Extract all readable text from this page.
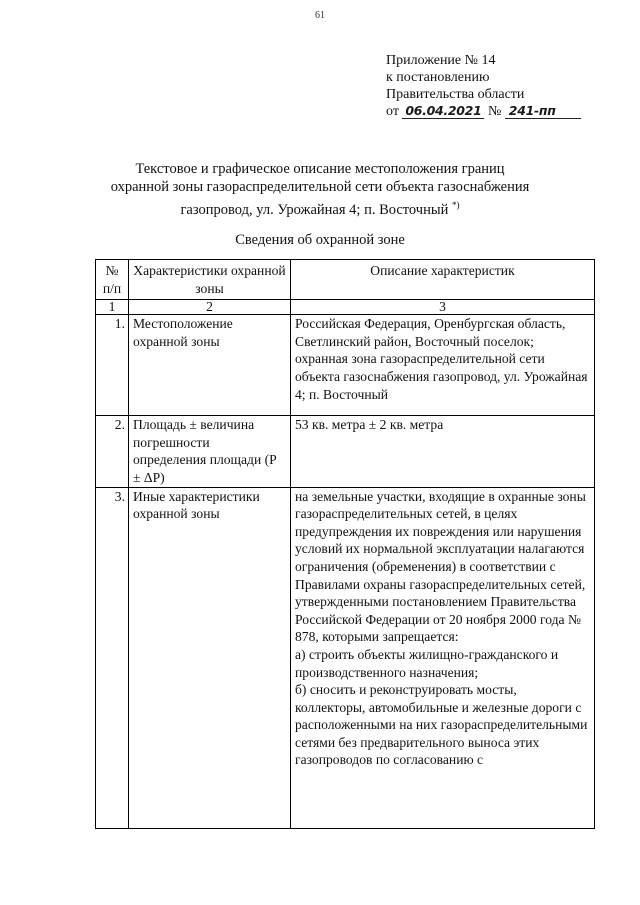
61
Приложение № 14
к постановлению
Правительства области
от 06.04.2021 № 241-пп
Текстовое и графическое описание местоположения границ
охранной зоны газораспределительной сети объекта газоснабжения
газопровод, ул. Урожайная 4; п. Восточный *)
Сведения об охранной зоне
№ п/п	Характеристики охранной зоны	Описание характеристик
1	2	3
1.	Местоположение охранной зоны	Российская Федерация, Оренбургская область, Светлинский район, Восточный поселок; охранная зона газораспределительной сети объекта газоснабжения газопровод, ул. Урожайная 4; п. Восточный
2.	Площадь ± величина погрешности определения площади (P ± ΔP)	53 кв. метра ± 2 кв. метра
3.	Иные характеристики охранной зоны	на земельные участки, входящие в охранные зоны газораспределительных сетей, в целях предупреждения их повреждения или нарушения условий их нормальной эксплуатации налагаются ограничения (обременения) в соответствии с Правилами охраны газораспределительных сетей, утвержденными постановлением Правительства Российской Федерации от 20 ноября 2000 года № 878, которыми запрещается:
а) строить объекты жилищно-гражданского и производственного назначения;
б) сносить и реконструировать мосты, коллекторы, автомобильные и железные дороги с расположенными на них газораспределительными сетями без предварительного выноса этих газопроводов по согласованию с
